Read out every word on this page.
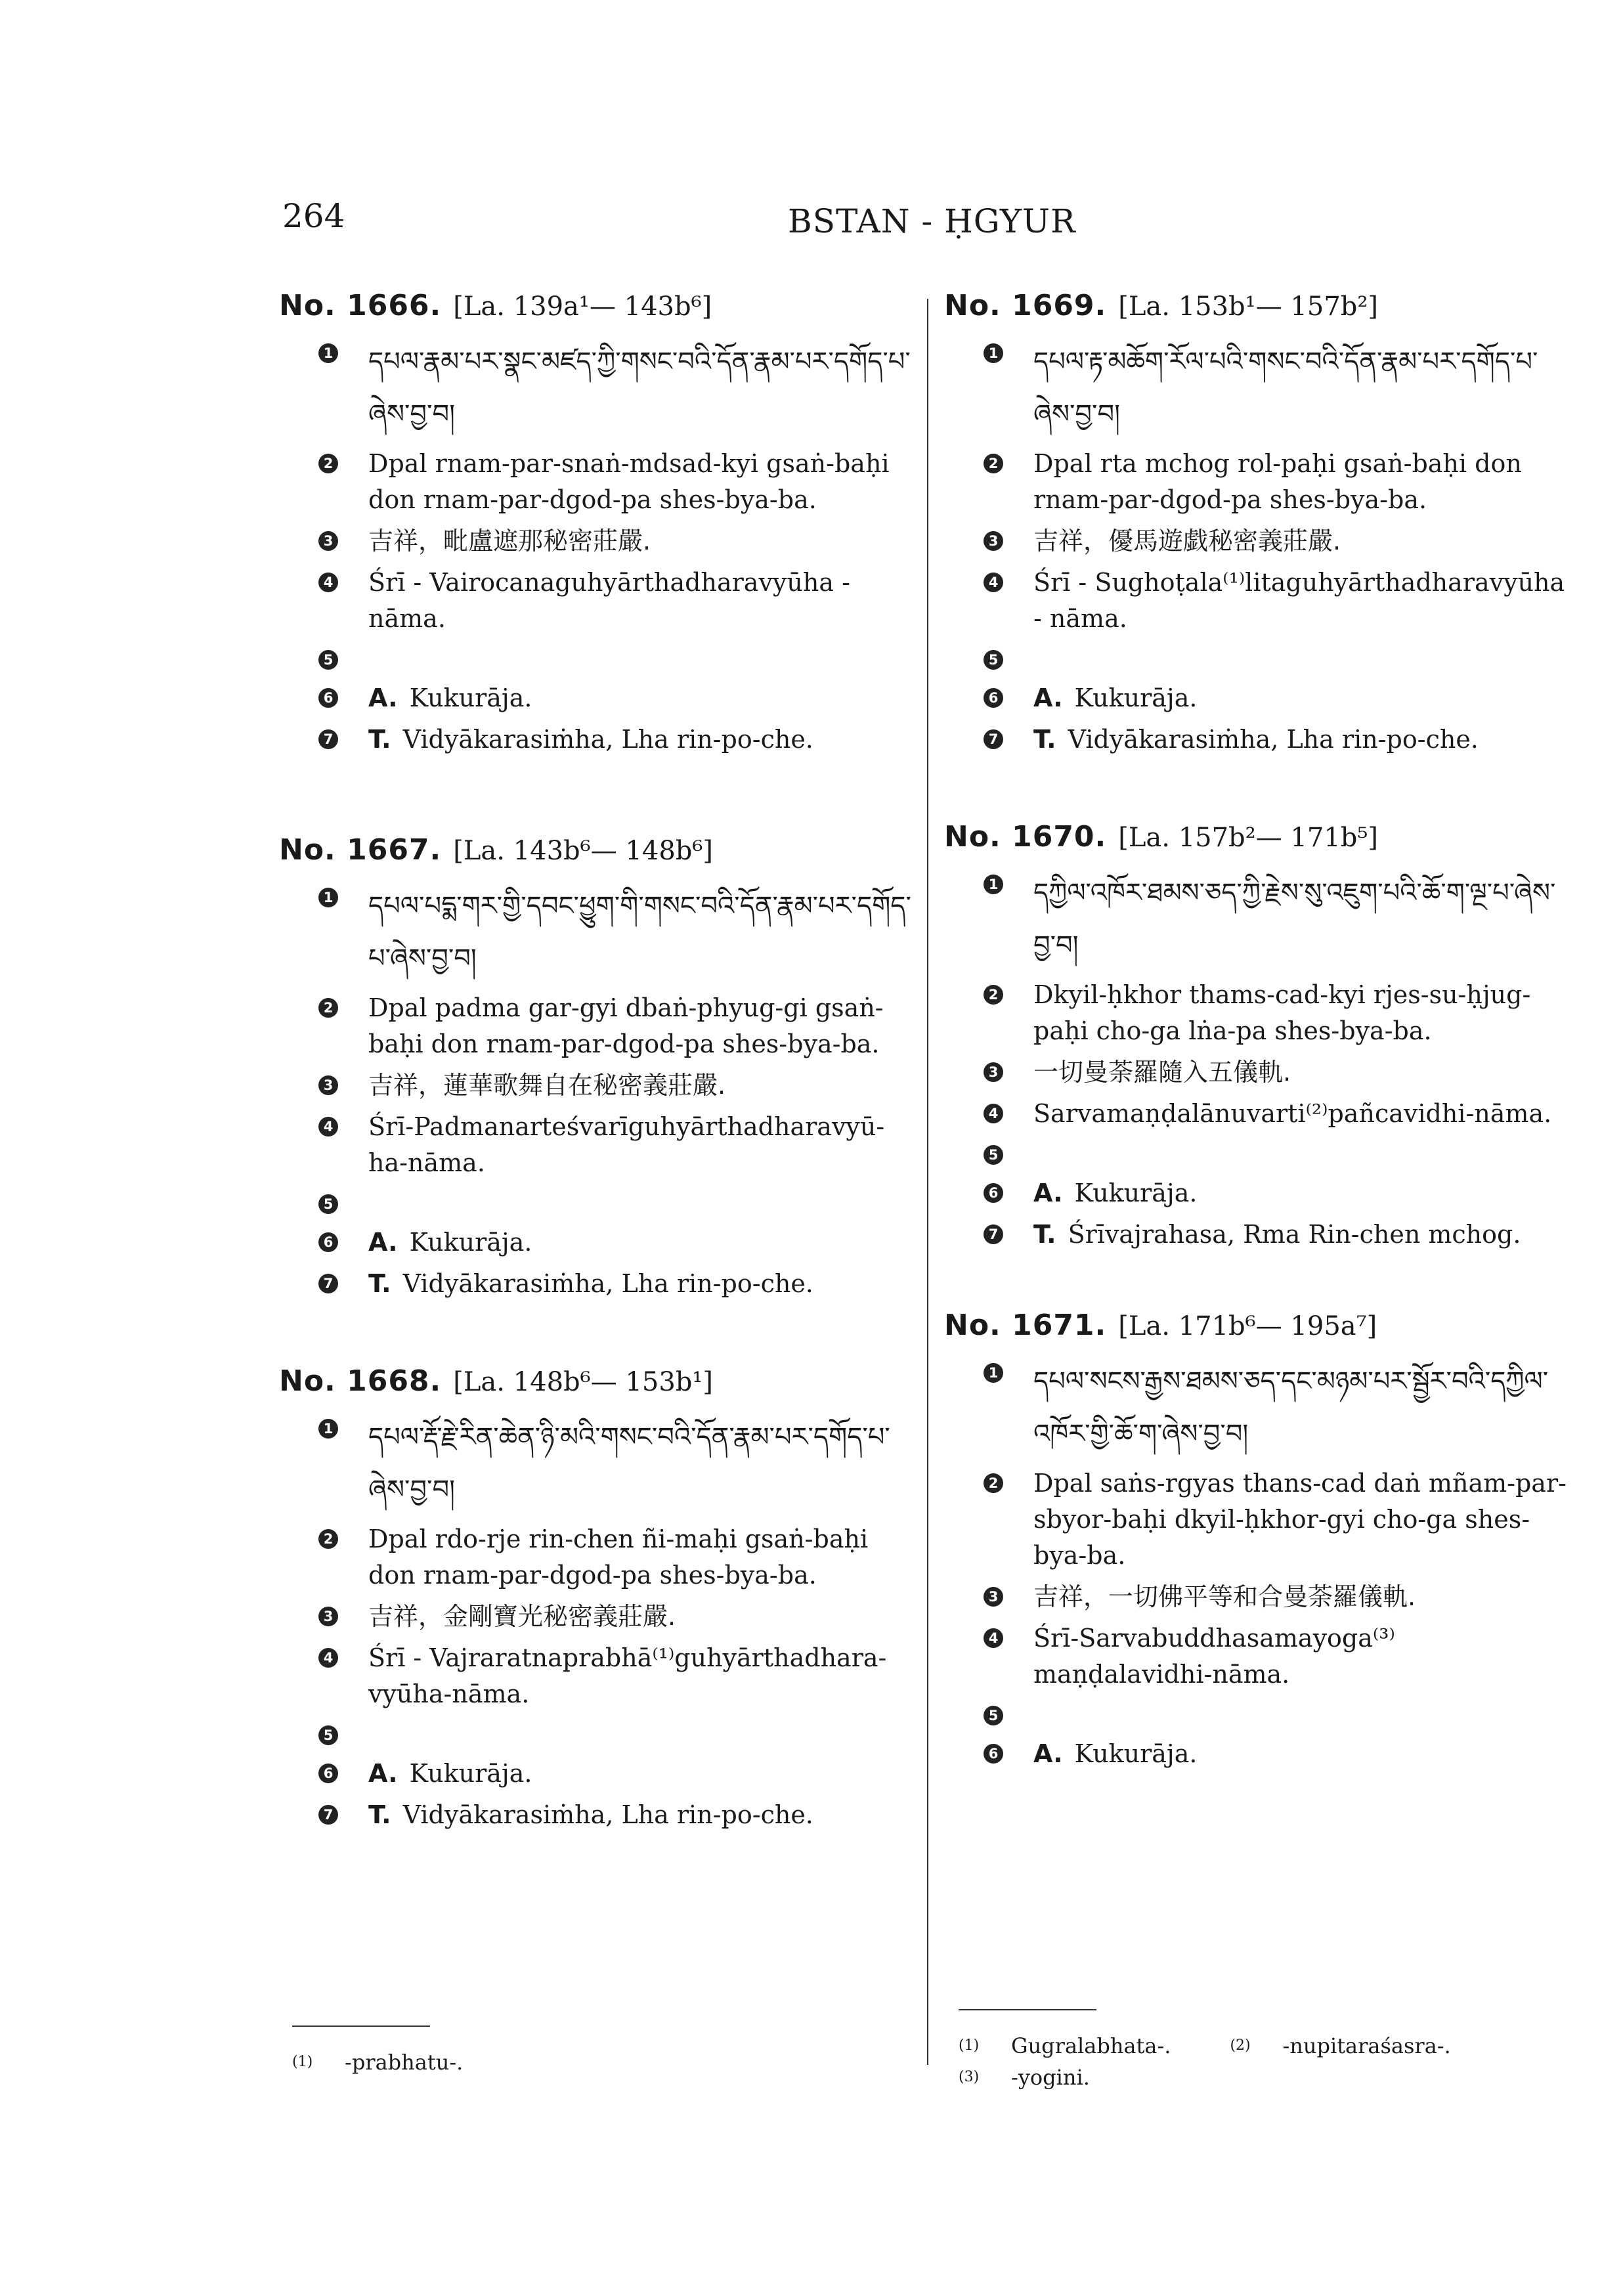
264	BSTAN - ḤGYUR
No. 1666. [La. 139a¹— 143b⁶]
1 དཔལ་རྣམ་པར་སྣང་མཛད་ཀྱི་གསང་བའི་དོན་རྣམ་པར་དགོད་པ་ཞེས་བྱ་བ།
2 Dpal rnam-par-snaṅ-mdsad-kyi gsaṅ-baḥi don rnam-par-dgod-pa shes-bya-ba.
3 吉祥，毗盧遮那秘密莊嚴.
4 Śrī - Vairocanaguhyārthadharavyūha - nāma.
5
6 A. Kukurāja.
7 T. Vidyākarasiṁha, Lha rin-po-che.
No. 1667. [La. 143b⁶— 148b⁶]
1 དཔལ་པདྨ་གར་གྱི་དབང་ཕྱུག་གི་གསང་བའི་དོན་རྣམ་པར་དགོད་པ་ཞེས་བྱ་བ།
2 Dpal padma gar-gyi dbaṅ-phyug-gi gsaṅ-baḥi don rnam-par-dgod-pa shes-bya-ba.
3 吉祥，蓮華歌舞自在秘密義莊嚴.
4 Śrī-Padmanarteśvarīguhyārthadharavyū-ha-nāma.
5
6 A. Kukurāja.
7 T. Vidyākarasiṁha, Lha rin-po-che.
No. 1668. [La. 148b⁶— 153b¹]
1 དཔལ་རྡོ་རྗེ་རིན་ཆེན་ཉི་མའི་གསང་བའི་དོན་རྣམ་པར་དགོད་པ་ཞེས་བྱ་བ།
2 Dpal rdo-rje rin-chen ñi-maḥi gsaṅ-baḥi don rnam-par-dgod-pa shes-bya-ba.
3 吉祥，金剛寶光秘密義莊嚴.
4 Śrī - Vajraratnaprabhā⁽¹⁾guhyārthadhara-vyūha-nāma.
5
6 A. Kukurāja.
7 T. Vidyākarasiṁha, Lha rin-po-che.
No. 1669. [La. 153b¹— 157b²]
1 དཔལ་རྟ་མཆོག་རོལ་པའི་གསང་བའི་དོན་རྣམ་པར་དགོད་པ་ཞེས་བྱ་བ།
2 Dpal rta mchog rol-paḥi gsaṅ-baḥi don rnam-par-dgod-pa shes-bya-ba.
3 吉祥，優馬遊戯秘密義莊嚴.
4 Śrī - Sughoṭala⁽¹⁾litaguhyārthadharavyūha - nāma.
5
6 A. Kukurāja.
7 T. Vidyākarasiṁha, Lha rin-po-che.
No. 1670. [La. 157b²— 171b⁵]
1 དཀྱིལ་འཁོར་ཐམས་ཅད་ཀྱི་རྗེས་སུ་འཇུག་པའི་ཆོ་ག་ལྔ་པ་ཞེས་བྱ་བ།
2 Dkyil-ḥkhor thams-cad-kyi rjes-su-ḥjug-paḥi cho-ga lṅa-pa shes-bya-ba.
3 一切曼荼羅隨入五儀軌.
4 Sarvamaṇḍalānuvarti⁽²⁾pañcavidhi-nāma.
5
6 A. Kukurāja.
7 T. Śrīvajrahasa, Rma Rin-chen mchog.
No. 1671. [La. 171b⁶— 195a⁷]
1 དཔལ་སངས་རྒྱས་ཐམས་ཅད་དང་མཉམ་པར་སྦྱོར་བའི་དཀྱིལ་འཁོར་གྱི་ཆོ་ག་ཞེས་བྱ་བ།
2 Dpal saṅs-rgyas thans-cad daṅ mñam-par-sbyor-baḥi dkyil-ḥkhor-gyi cho-ga shes-bya-ba.
3 吉祥，一切佛平等和合曼荼羅儀軌.
4 Śrī-Sarvabuddhasamayoga⁽³⁾maṇḍalavidhi-nāma.
5
6 A. Kukurāja.
(1)	-prabhatu-.
(1)	Gugralabhata-.	(2)	-nupitaraśasra-.
(3)	-yogini.
